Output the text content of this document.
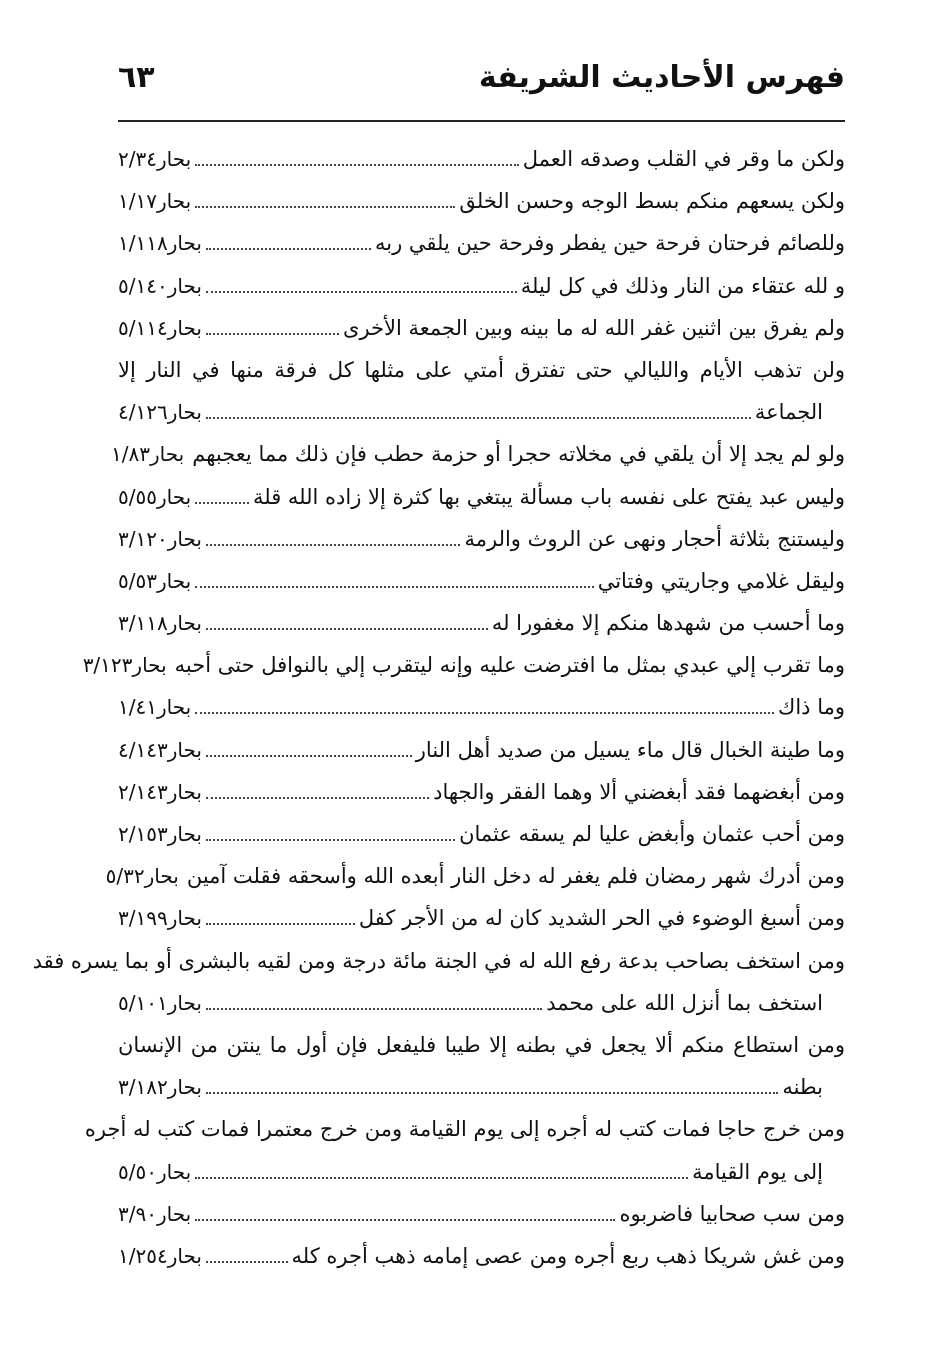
فهرس الأحاديث الشريفة
٦٣
ولكن ما وقر في القلب وصدقه العمل
بحار٢/٣٤
ولكن يسعهم منكم بسط الوجه وحسن الخلق
بحار١/١٧
وللصائم فرحتان فرحة حين يفطر وفرحة حين يلقي ربه
بحار١/١١٨
و لله عتقاء من النار وذلك في كل ليلة
بحار٥/١٤٠
ولم يفرق بين اثنين غفر الله له ما بينه وبين الجمعة الأخرى
بحار٥/١١٤
ولن تذهب الأيام والليالي حتى تفترق أمتي على مثلها كل فرقة منها في النار إلا
الجماعة
بحار٤/١٢٦
ولو لم يجد إلا أن يلقي في مخلاته حجرا أو حزمة حطب فإن ذلك مما يعجبهم
بحار١/٨٣
وليس عبد يفتح على نفسه باب مسألة يبتغي بها كثرة إلا زاده الله قلة
بحار٥/٥٥
وليستنج بثلاثة أحجار ونهى عن الروث والرمة
بحار٣/١٢٠
وليقل غلامي وجاريتي وفتاتي
بحار٥/٥٣
وما أحسب من شهدها منكم إلا مغفورا له
بحار٣/١١٨
وما تقرب إلي عبدي بمثل ما افترضت عليه وإنه ليتقرب إلي بالنوافل حتى أحبه
بحار٣/١٢٣
وما ذاك
بحار١/٤١
وما طينة الخبال قال ماء يسيل من صديد أهل النار
بحار٤/١٤٣
ومن أبغضهما فقد أبغضني ألا وهما الفقر والجهاد
بحار٢/١٤٣
ومن أحب عثمان وأبغض عليا لم يسقه عثمان
بحار٢/١٥٣
ومن أدرك شهر رمضان فلم يغفر له دخل النار أبعده الله وأسحقه فقلت آمين
بحار٥/٣٢
ومن أسبغ الوضوء في الحر الشديد كان له من الأجر كفل
بحار٣/١٩٩
ومن استخف بصاحب بدعة رفع الله له في الجنة مائة درجة ومن لقيه بالبشرى أو بما يسره فقد
استخف بما أنزل الله على محمد
بحار٥/١٠١
ومن استطاع منكم ألا يجعل في بطنه إلا طيبا فليفعل فإن أول ما ينتن من الإنسان
بطنه
بحار٣/١٨٢
ومن خرج حاجا فمات كتب له أجره إلى يوم القيامة ومن خرج معتمرا فمات كتب له أجره
إلى يوم القيامة
بحار٥/٥٠
ومن سب صحابيا فاضربوه
بحار٣/٩٠
ومن غش شريكا ذهب ربع أجره ومن عصى إمامه ذهب أجره كله
بحار١/٢٥٤
